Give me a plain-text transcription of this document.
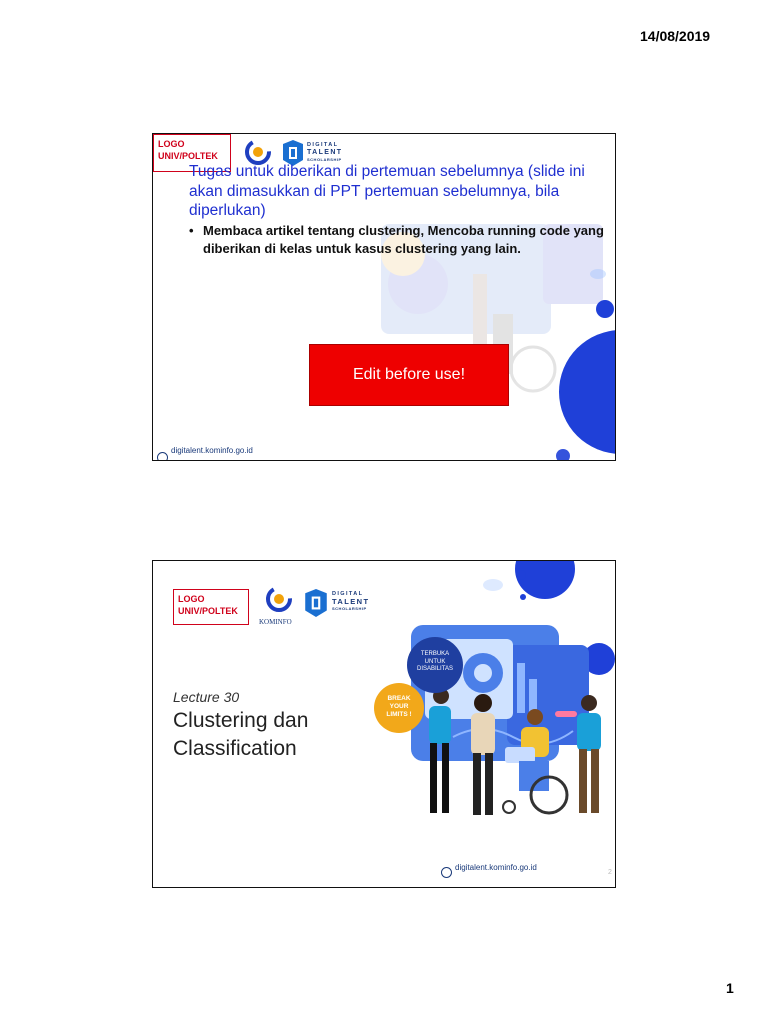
14/08/2019
LOGO UNIV/POLTEK
DIGITAL
TALENT
SCHOLARSHIP
Tugas untuk diberikan di pertemuan sebelumnya (slide ini akan dimasukkan di PPT pertemuan sebelumnya, bila diperlukan)
• Membaca artikel tentang clustering, Mencoba running code yang diberikan di kelas untuk kasus clustering yang lain.
Edit before use!
digitalent.kominfo.go.id
TERBUKA UNTUK DISABILITAS
BREAK YOUR LIMITS !
LOGO UNIV/POLTEK
KOMINFO
DIGITAL
TALENT
SCHOLARSHIP
Lecture 30
Clustering dan Classification
digitalent.kominfo.go.id
2
1
